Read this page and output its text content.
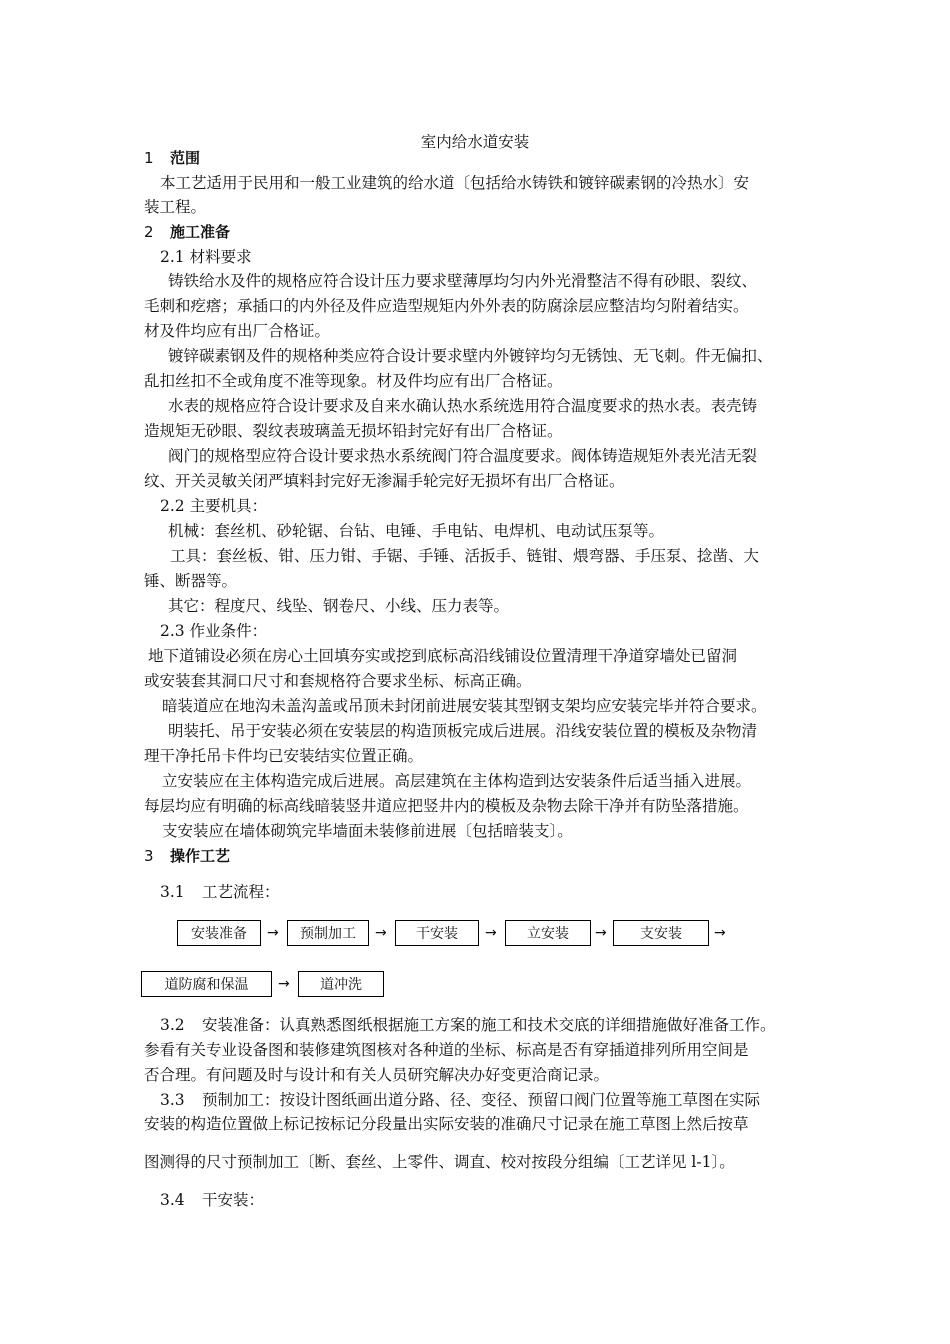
室内给水道安装
1 范围
本工艺适用于民用和一般工业建筑的给水道〔包括给水铸铁和镀锌碳素钢的冷热水〕安
装工程。
2 施工准备
2.1 材料要求
铸铁给水及件的规格应符合设计压力要求壁薄厚均匀内外光滑整洁不得有砂眼、裂纹、
毛刺和疙瘩；承插口的内外径及件应造型规矩内外外表的防腐涂层应整洁均匀附着结实。
材及件均应有出厂合格证。
镀锌碳素钢及件的规格种类应符合设计要求壁内外镀锌均匀无锈蚀、无飞刺。件无偏扣、
乱扣丝扣不全或角度不准等现象。材及件均应有出厂合格证。
水表的规格应符合设计要求及自来水确认热水系统选用符合温度要求的热水表。表壳铸
造规矩无砂眼、裂纹表玻璃盖无损坏铅封完好有出厂合格证。
阀门的规格型应符合设计要求热水系统阀门符合温度要求。阀体铸造规矩外表光洁无裂
纹、开关灵敏关闭严填料封完好无渗漏手轮完好无损坏有出厂合格证。
2.2 主要机具：
机械：套丝机、砂轮锯、台钻、电锤、手电钻、电焊机、电动试压泵等。
工具：套丝板、钳、压力钳、手锯、手锤、活扳手、链钳、煨弯器、手压泵、捻凿、大
锤、断器等。
其它：程度尺、线坠、钢卷尺、小线、压力表等。
2.3 作业条件：
地下道铺设必须在房心土回填夯实或挖到底标高沿线铺设位置清理干净道穿墙处已留洞
或安装套其洞口尺寸和套规格符合要求坐标、标高正确。
暗装道应在地沟未盖沟盖或吊顶未封闭前进展安装其型钢支架均应安装完毕并符合要求。
明装托、吊于安装必须在安装层的构造顶板完成后进展。沿线安装位置的模板及杂物清
理干净托吊卡件均已安装结实位置正确。
立安装应在主体构造完成后进展。高层建筑在主体构造到达安装条件后适当插入进展。
每层均应有明确的标高线暗装竖井道应把竖井内的模板及杂物去除干净并有防坠落措施。
支安装应在墙体砌筑完毕墙面未装修前进展〔包括暗装支〕。
3 操作工艺
3.1 工艺流程：
安装准备	→	预制加工	→	干安装	→	立安装	→	支安装	→
道防腐和保温	→	道冲洗
3.2 安装准备：认真熟悉图纸根据施工方案的施工和技术交底的详细措施做好准备工作。
参看有关专业设备图和装修建筑图核对各种道的坐标、标高是否有穿插道排列所用空间是
否合理。有问题及时与设计和有关人员研究解决办好变更洽商记录。
3.3 预制加工：按设计图纸画出道分路、径、变径、预留口阀门位置等施工草图在实际
安装的构造位置做上标记按标记分段量出实际安装的准确尺寸记录在施工草图上然后按草
图测得的尺寸预制加工〔断、套丝、上零件、调直、校对按段分组编〔工艺详见 l-1〕。
3.4 干安装：
